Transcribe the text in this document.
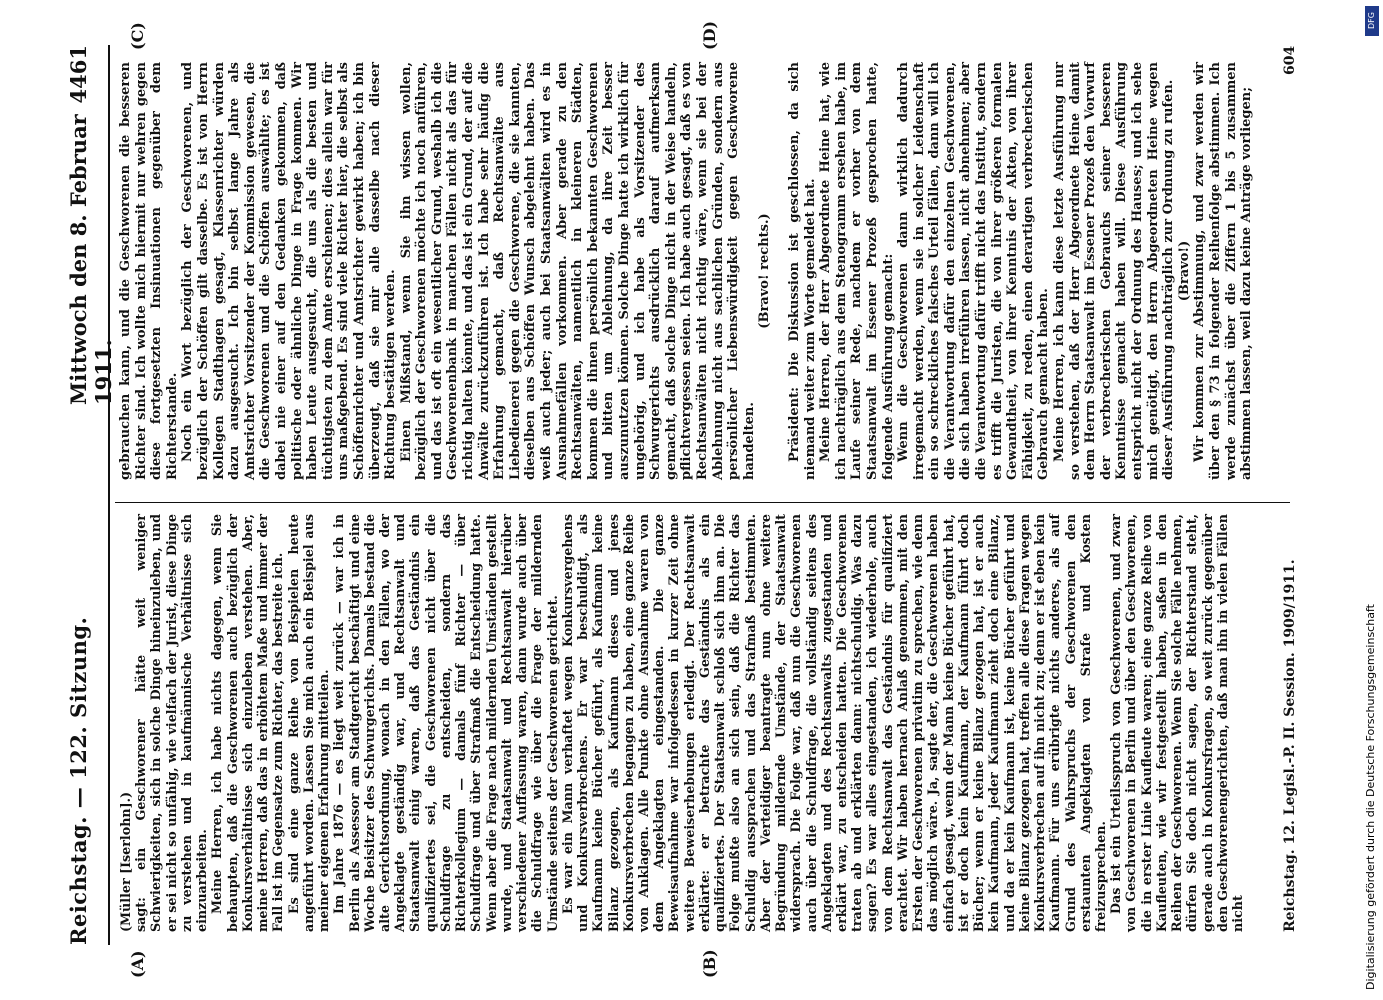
Reichstag. — 122. Sitzung.
Mittwoch den 8. Februar 1911.
4461
(A)	(B)
(C)	(D)

(Müller [Iserlohn].) sagt: ein Geschworener hätte weit weniger Schwierigkeiten, sich in solche Dinge hineinzuleben, und er sei nicht so unfähig, wie vielfach der Jurist, diese Dinge zu verstehen und in kaufmännische Verhältnisse sich einzuarbeiten. Meine Herren, ich habe nichts dagegen, wenn Sie behaupten, daß die Geschworenen auch bezüglich der Konkursverhältnisse sich einzuleben verstehen. Aber, meine Herren, daß das in erhöhtem Maße und immer der Fall ist im Gegensatze zum Richter, das bestreite ich. Es sind eine ganze Reihe von Beispielen heute angeführt worden. Lassen Sie mich auch ein Beispiel aus meiner eigenen Erfahrung mitteilen. Im Jahre 1876 — es liegt weit zurück — war ich in Berlin als Assessor am Stadtgericht beschäftigt und eine Woche Beisitzer des Schwurgerichts. Damals bestand die alte Gerichtsordnung, wonach in den Fällen, wo der Angeklagte geständig war, und Rechtsanwalt und Staatsanwalt einig waren, daß das Geständnis ein qualifiziertes sei, die Geschworenen nicht über die Schuldfrage zu entscheiden, sondern das Richterkollegium — damals fünf Richter — über Schuldfrage und über Strafmaß die Entscheidung hatte. Wenn aber die Frage nach mildernden Umständen gestellt wurde, und Staatsanwalt und Rechtsanwalt hierüber verschiedener Auffassung waren, dann wurde auch über die Schuldfrage wie über die Frage der mildernden Umstände seitens der Geschworenen gerichtet. Es war ein Mann verhaftet wegen Konkursvergehens und Konkursverbrechens. Er war beschuldigt, als Kaufmann keine Bücher geführt, als Kaufmann keine Bilanz gezogen, als Kaufmann dieses und jenes Konkursverbrechen begangen zu haben, eine ganze Reihe von Anklagen. Alle Punkte ohne Ausnahme waren von dem Angeklagten eingestanden. Die ganze Beweisaufnahme war infolgedessen in kurzer Zeit ohne weitere Beweiserhebungen erledigt. Der Rechtsanwalt erklärte: er betrachte das Geständnis als ein qualifiziertes. Der Staatsanwalt schloß sich ihm an. Die Folge mußte also an sich sein, daß die Richter das Schuldig aussprachen und das Strafmaß bestimmten. Aber der Verteidiger beantragte nun ohne weitere Begründung mildernde Umstände, der Staatsanwalt widersprach. Die Folge war, daß nun die Geschworenen auch über die Schuldfrage, die vollständig seitens des Angeklagten und des Rechtsanwalts zugestanden und erklärt war, zu entscheiden hatten. Die Geschworenen traten ab und erklärten dann: nichtschuldig. Was dazu sagen? Es war alles eingestanden, ich wiederhole, auch von dem Rechtsanwalt das Geständnis für qualifiziert erachtet. Wir haben hernach Anlaß genommen, mit den Ersten der Geschworenen privatim zu sprechen, wie denn das möglich wäre. Ja, sagte der, die Geschworenen haben einfach gesagt, wenn der Mann keine Bücher geführt hat, ist er doch kein Kaufmann, der Kaufmann führt doch Bücher; wenn er keine Bilanz gezogen hat, ist er auch kein Kaufmann, jeder Kaufmann zieht doch eine Bilanz, und da er kein Kaufmann ist, keine Bücher geführt und keine Bilanz gezogen hat, treffen alle diese Fragen wegen Konkursverbrechen auf ihn nicht zu; denn er ist eben kein Kaufmann. Für uns erübrigte nichts anderes, als auf Grund des Wahrspruchs der Geschworenen den erstaunten Angeklagten von Strafe und Kosten freizusprechen. Das ist ein Urteilsspruch von Geschworenen, und zwar von Geschworenen in Berlin und über den Geschworenen, die in erster Linie Kaufleute waren; eine ganze Reihe von Kaufleuten, wie wir festgestellt haben, saßen in den Reihen der Geschworenen. Wenn Sie solche Fälle nehmen, dürfen Sie doch nicht sagen, der Richterstand steht, gerade auch in Konkursfragen, so weit zurück gegenüber den Geschworenengerichten, daß man ihn in vielen Fällen nicht

gebrauchen kann, und die Geschworenen die besseren Richter sind. Ich wollte mich hiermit nur wehren gegen diese fortgesetzten Insinuationen gegenüber dem Richterstande. Noch ein Wort bezüglich der Geschworenen, und bezüglich der Schöffen gilt dasselbe. Es ist von Herrn Kollegen Stadthagen gesagt, Klassenrichter würden dazu ausgesucht. Ich bin selbst lange Jahre als Amtsrichter Vorsitzender der Kommission gewesen, die die Geschworenen und die Schöffen auswählte; es ist dabei nie einer auf den Gedanken gekommen, daß politische oder ähnliche Dinge in Frage kommen. Wir haben Leute ausgesucht, die uns als die besten und tüchtigsten zu dem Amte erschienen; dies allein war für uns maßgebend. Es sind viele Richter hier, die selbst als Schöffenrichter und Amtsrichter gewirkt haben; ich bin überzeugt, daß sie mir alle dasselbe nach dieser Richtung bestätigen werden. Einen Mißstand, wenn Sie ihn wissen wollen, bezüglich der Geschworenen möchte ich noch anführen, und das ist oft ein wesentlicher Grund, weshalb ich die Geschworenenbank in manchen Fällen nicht als das für richtig halten könnte, und das ist ein Grund, der auf die Anwälte zurückzuführen ist. Ich habe sehr häufig die Erfahrung gemacht, daß Rechtsanwälte aus Liebedienerei gegen die Geschworene, die sie kannten, dieselben aus Schöffen Wunsch abgelehnt haben. Das weiß auch jeder; auch bei Staatsanwälten wird es in Ausnahmefällen vorkommen. Aber gerade zu den Rechtsanwälten, namentlich in kleineren Städten, kommen die ihnen persönlich bekannten Geschworenen und bitten um Ablehnung, da ihre Zeit besser auszunutzen können. Solche Dinge hatte ich wirklich für ungehörig, und ich habe als Vorsitzender des Schwurgerichts ausdrücklich darauf aufmerksam gemacht, daß solche Dinge nicht in der Weise handeln, pflichtvergessen seien. Ich habe auch gesagt, daß es von Rechtsanwälten nicht richtig wäre, wenn sie bei der Ablehnung nicht aus sachlichen Gründen, sondern aus persönlicher Liebenswürdigkeit gegen Geschworene handelten.

(Bravo! rechts.) Präsident: Die Diskussion ist geschlossen, da sich niemand weiter zum Worte gemeldet hat. Meine Herren, der Herr Abgeordnete Heine hat, wie ich nachträglich aus dem Stenogramm ersehen habe, im Laufe seiner Rede, nachdem er vorher von dem Staatsanwalt im Essener Prozeß gesprochen hatte, folgende Ausführung gemacht: Wenn die Geschworenen dann wirklich dadurch irregemacht werden, wenn sie in solcher Leidenschaft ein so schreckliches falsches Urteil fällen, dann will ich die Verantwortung dafür den einzelnen Geschworenen, die sich haben irreführen lassen, nicht abnehmen; aber die Verantwortung dafür trifft nicht das Institut, sondern es trifft die Juristen, die von ihrer größeren formalen Gewandtheit, von ihrer Kenntnis der Akten, von ihrer Fähigkeit, zu reden, einen derartigen verbrecherischen Gebrauch gemacht haben. Meine Herren, ich kann diese letzte Ausführung nur so verstehen, daß der Herr Abgeordnete Heine damit dem Herrn Staatsanwalt im Essener Prozeß den Vorwurf der verbrecherischen Gebrauchs seiner besseren Kenntnisse gemacht haben will. Diese Ausführung entspricht nicht der Ordnung des Hauses; und ich sehe mich genötigt, den Herrn Abgeordneten Heine wegen dieser Ausführung nachträglich zur Ordnung zu rufen. (Bravo!) Wir kommen zur Abstimmung, und zwar werden wir über den § 73 in folgender Reihenfolge abstimmen. Ich werde zunächst über die Ziffern 1 bis 5 zusammen abstimmen lassen, weil dazu keine Anträge vorliegen;

Reichstag. 12. Legisl.-P. II. Session. 1909/1911.
604
DFG
Digitalisierung gefördert durch die Deutsche Forschungsgemeinschaft
